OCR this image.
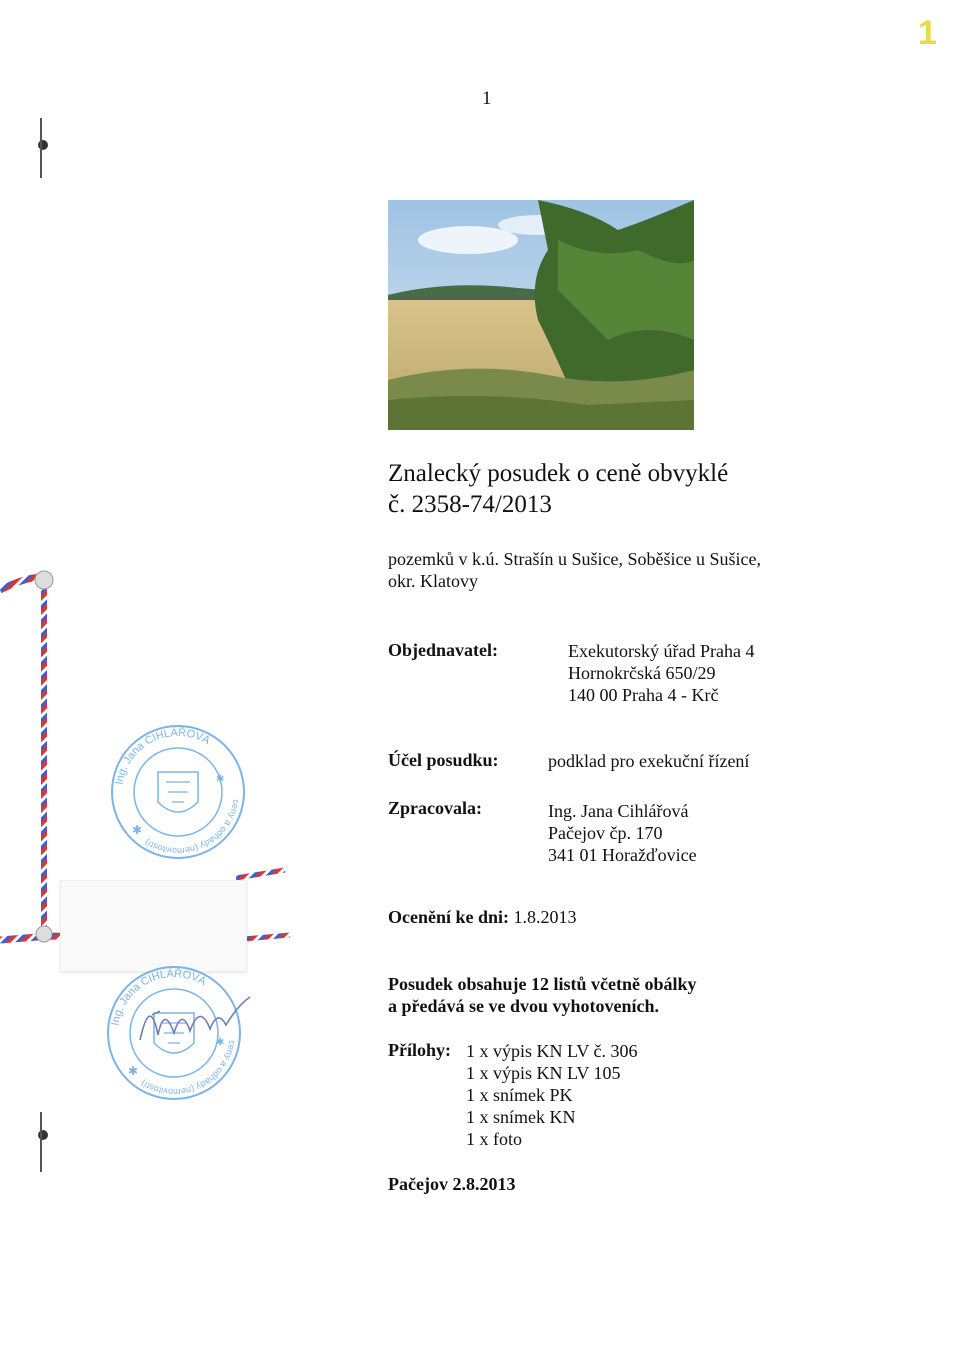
1
1
Znalecký posudek o ceně obvyklé
č. 2358-74/2013
pozemků v k.ú. Strašín u Sušice, Soběšice u Sušice,
okr. Klatovy
Objednavatel:	Exekutorský úřad Praha 4
Hornokrčská 650/29
140 00 Praha 4 - Krč
Účel posudku:	podklad pro exekuční řízení
Zpracovala:	Ing. Jana Cihlářová
Pačejov čp. 170
341 01 Horažďovice
Ocenění ke dni: 1.8.2013
Posudek obsahuje 12 listů včetně obálky
a předává se ve dvou vyhotoveních.
Přílohy: 1 x výpis KN LV č. 306
1 x výpis KN LV 105
1 x snímek PK
1 x snímek KN
1 x foto
Pačejov 2.8.2013
Ing. Jana CIHLÁŘOVÁ
ceny a odhady (nemovitostí)
✱
✱
Ing. Jana CIHLÁŘOVÁ
ceny a odhady (nemovitostí)
✱
✱
